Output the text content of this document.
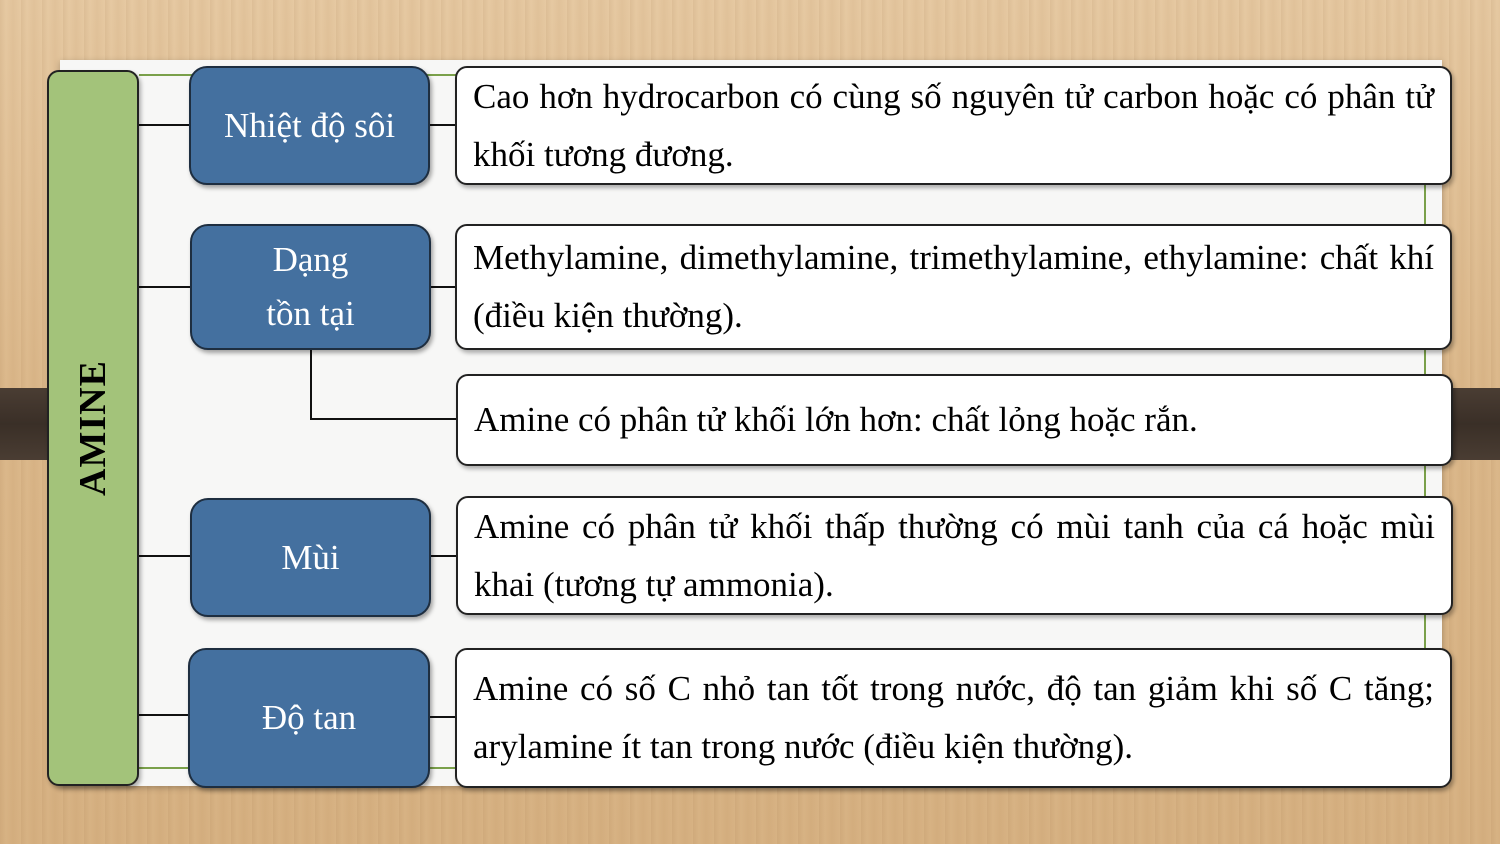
AMINE
Nhiệt độ sôi
Dạng
tồn tại
Mùi
Độ tan
Cao hơn hydrocarbon có cùng số nguyên tử carbon hoặc có phân tử khối tương đương.
Methylamine, dimethylamine, trimethylamine, ethylamine: chất khí (điều kiện thường).
Amine có phân tử khối lớn hơn: chất lỏng hoặc rắn.
Amine có phân tử khối thấp thường có mùi tanh của cá hoặc mùi khai (tương tự ammonia).
Amine có số C nhỏ tan tốt trong nước, độ tan giảm khi số C tăng; arylamine ít tan trong nước (điều kiện thường).
